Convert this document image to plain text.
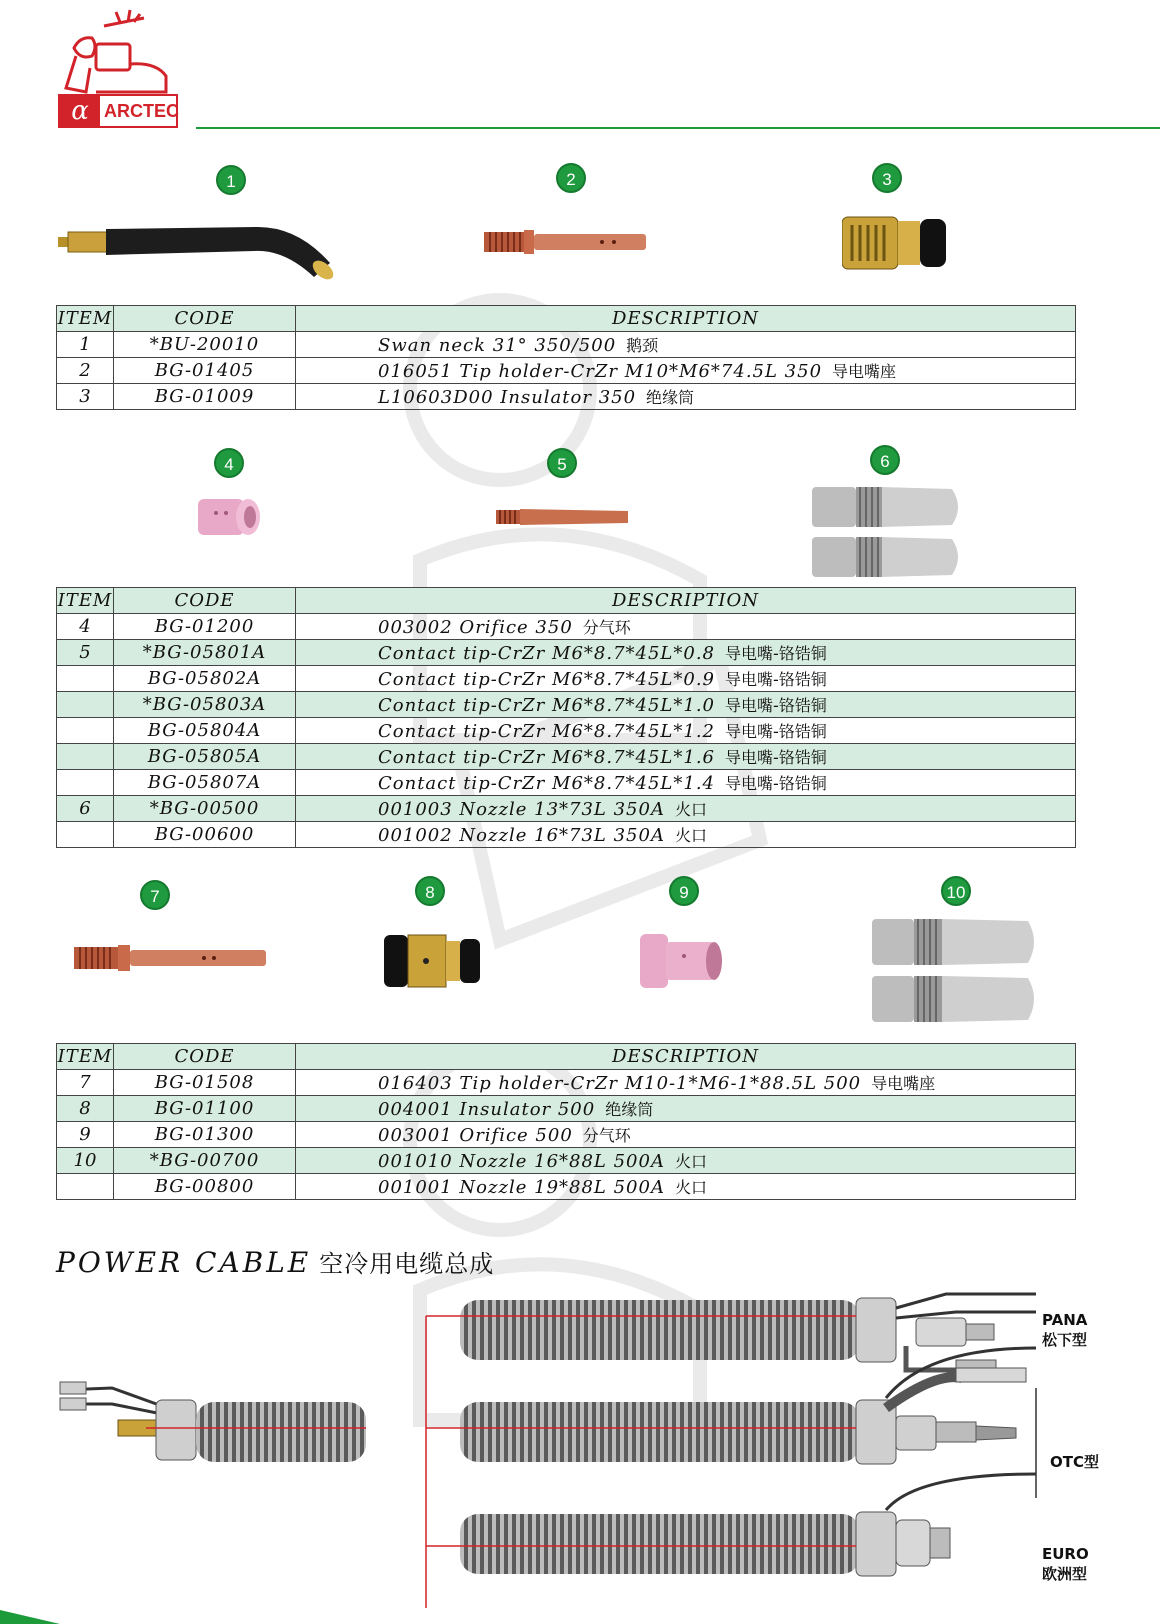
α ARCTEC
1	2	3
4	5	6
7	8	9	10
ITEM	CODE	DESCRIPTION
1	*BU-20010	Swan neck 31° 350/500 鹅颈
2	BG-01405	016051 Tip holder-CrZr M10*M6*74.5L 350 导电嘴座
3	BG-01009	L10603D00 Insulator 350 绝缘筒
ITEM	CODE	DESCRIPTION
4	BG-01200	003002 Orifice 350 分气环
5	*BG-05801A	Contact tip-CrZr M6*8.7*45L*0.8 导电嘴-铬锆铜
	BG-05802A	Contact tip-CrZr M6*8.7*45L*0.9 导电嘴-铬锆铜
	*BG-05803A	Contact tip-CrZr M6*8.7*45L*1.0 导电嘴-铬锆铜
	BG-05804A	Contact tip-CrZr M6*8.7*45L*1.2 导电嘴-铬锆铜
	BG-05805A	Contact tip-CrZr M6*8.7*45L*1.6 导电嘴-铬锆铜
	BG-05807A	Contact tip-CrZr M6*8.7*45L*1.4 导电嘴-铬锆铜
6	*BG-00500	001003 Nozzle 13*73L 350A 火口
	BG-00600	001002 Nozzle 16*73L 350A 火口
ITEM	CODE	DESCRIPTION
7	BG-01508	016403 Tip holder-CrZr M10-1*M6-1*88.5L 500 导电嘴座
8	BG-01100	004001 Insulator 500 绝缘筒
9	BG-01300	003001 Orifice 500 分气环
10	*BG-00700	001010 Nozzle 16*88L 500A 火口
	BG-00800	001001 Nozzle 19*88L 500A 火口
POWER CABLE 空冷用电缆总成
PANA
松下型
OTC型
EURO
欧洲型
